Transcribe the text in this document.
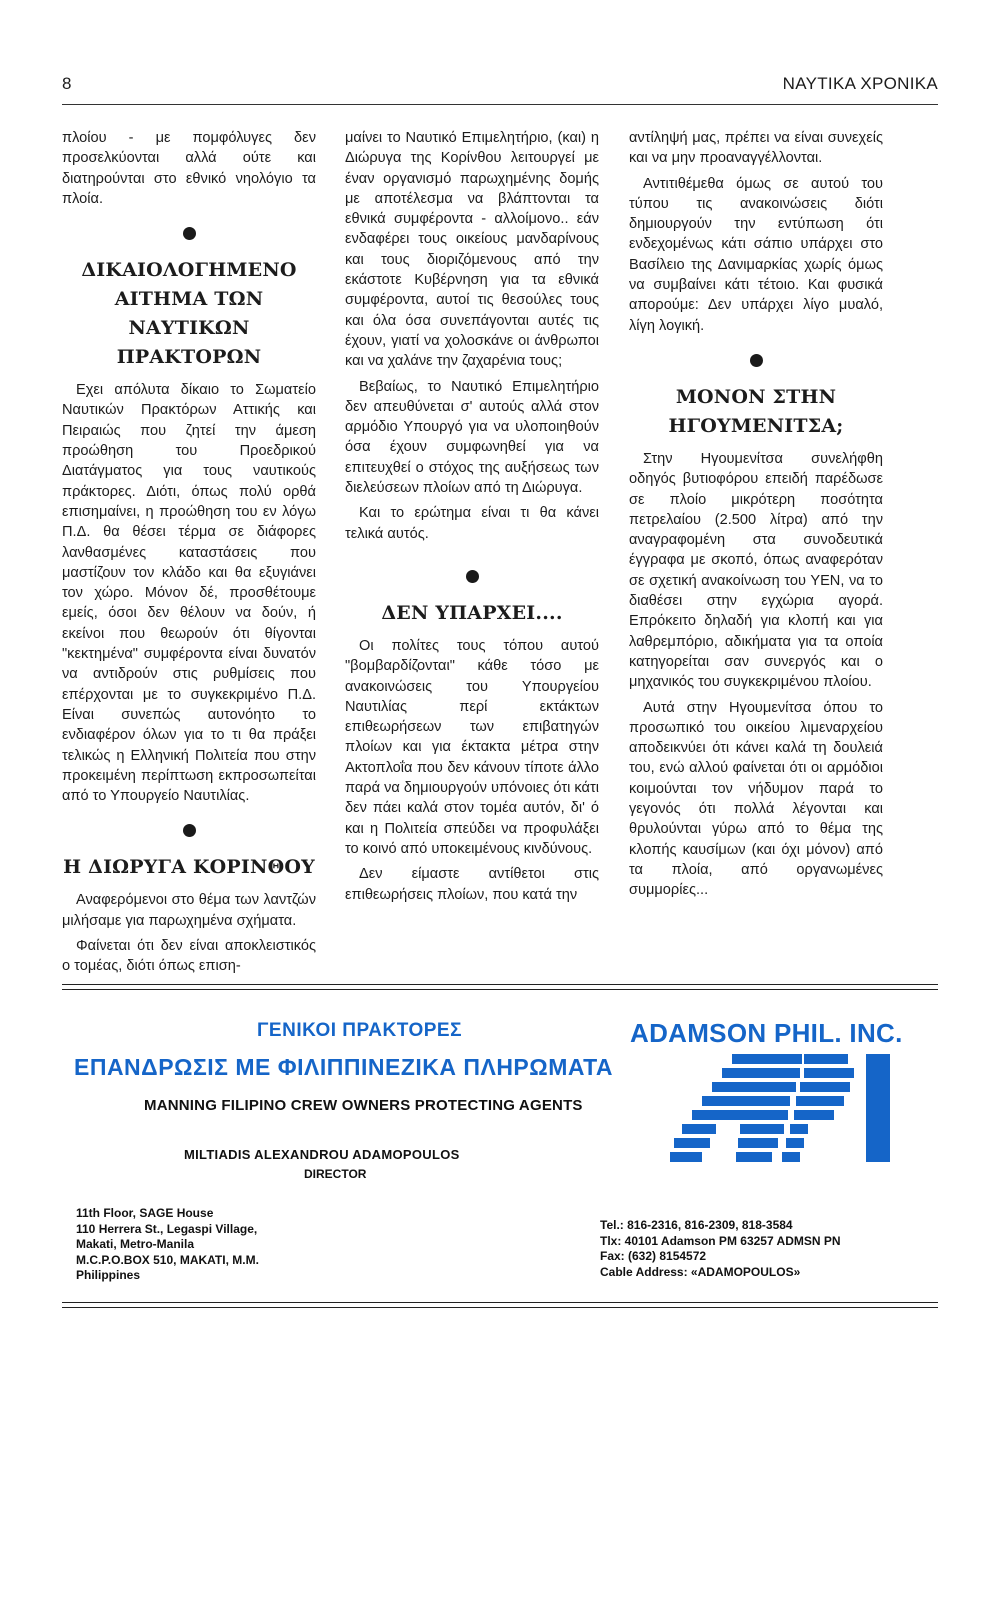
8	ΝΑΥΤΙΚΑ ΧΡΟΝΙΚΑ

πλοίου - με πομφόλυγες δεν προσελκύονται αλλά ούτε και διατηρούνται στο εθνικό νηολόγιο τα πλοία.

ΔΙΚΑΙΟΛΟΓΗΜΕΝΟ ΑΙΤΗΜΑ ΤΩΝ ΝΑΥΤΙΚΩΝ ΠΡΑΚΤΟΡΩΝ

Εχει απόλυτα δίκαιο το Σωματείο Ναυτικών Πρακτόρων Αττικής και Πειραιώς που ζητεί την άμεση προώθηση του Προεδρικού Διατάγματος για τους ναυτικούς πράκτορες. Διότι, όπως πολύ ορθά επισημαίνει, η προώθηση του εν λόγω Π.Δ. θα θέσει τέρμα σε διάφορες λανθασμένες καταστάσεις που μαστίζουν τον κλάδο και θα εξυγιάνει τον χώρο. Μόνον δέ, προσθέτουμε εμείς, όσοι δεν θέλουν να δούν, ή εκείνοι που θεωρούν ότι θίγονται "κεκτημένα" συμφέροντα είναι δυνατόν να αντιδρούν στις ρυθμίσεις που επέρχονται με το συγκεκριμένο Π.Δ. Είναι συνεπώς αυτονόητο το ενδιαφέρον όλων για το τι θα πράξει τελικώς η Ελληνική Πολιτεία που στην προκειμένη περίπτωση εκπροσωπείται από το Υπουργείο Ναυτιλίας.

Η ΔΙΩΡΥΓΑ ΚΟΡΙΝΘΟΥ

Αναφερόμενοι στο θέμα των λαντζών μιλήσαμε για παρωχημένα σχήματα.

Φαίνεται ότι δεν είναι αποκλειστικός ο τομέας, διότι όπως επιση-

μαίνει το Ναυτικό Επιμελητήριο, (και) η Διώρυγα της Κορίνθου λειτουργεί με έναν οργανισμό παρωχημένης δομής με αποτέλεσμα να βλάπτονται τα εθνικά συμφέροντα - αλλοίμονο.. εάν ενδαφέρει τους οικείους μανδαρίνους και τους διοριζόμενους από την εκάστοτε Κυβέρνηση για τα εθνικά συμφέροντα, αυτοί τις θεσούλες τους και όλα όσα συνεπάγονται αυτές τις έχουν, γιατί να χολοσκάνε οι άνθρωποι και να χαλάνε την ζαχαρένια τους;

Βεβαίως, το Ναυτικό Επιμελητήριο δεν απευθύνεται σ' αυτούς αλλά στον αρμόδιο Υπουργό για να υλοποιηθούν όσα έχουν συμφωνηθεί για να επιτευχθεί ο στόχος της αυξήσεως των διελεύσεων πλοίων από τη Διώρυγα.

Και το ερώτημα είναι τι θα κάνει τελικά αυτός.

ΔΕΝ ΥΠΑΡΧΕΙ....

Οι πολίτες τους τόπου αυτού "βομβαρδίζονται" κάθε τόσο με ανακοινώσεις του Υπουργείου Ναυτιλίας περί εκτάκτων επιθεωρήσεων των επιβατηγών πλοίων και για έκτακτα μέτρα στην Ακτοπλοΐα που δεν κάνουν τίποτε άλλο παρά να δημιουργούν υπόνοιες ότι κάτι δεν πάει καλά στον τομέα αυτόν, δι' ό και η Πολιτεία σπεύδει να προφυλάξει το κοινό από υποκειμένους κινδύνους.

Δεν είμαστε αντίθετοι στις επιθεωρήσεις πλοίων, που κατά την

αντίληψή μας, πρέπει να είναι συνεχείς και να μην προαναγγέλλονται.

Αντιτιθέμεθα όμως σε αυτού του τύπου τις ανακοινώσεις διότι δημιουργούν την εντύπωση ότι ενδεχομένως κάτι σάπιο υπάρχει στο Βασίλειο της Δανιμαρκίας χωρίς όμως να συμβαίνει κάτι τέτοιο. Και φυσικά απορούμε: Δεν υπάρχει λίγο μυαλό, λίγη λογική.

ΜΟΝΟΝ ΣΤΗΝ ΗΓΟΥΜΕΝΙΤΣΑ;

Στην Ηγουμενίτσα συνελήφθη οδηγός βυτιοφόρου επειδή παρέδωσε σε πλοίο μικρότερη ποσότητα πετρελαίου (2.500 λίτρα) από την αναγραφομένη στα συνοδευτικά έγγραφα με σκοπό, όπως αναφερόταν σε σχετική ανακοίνωση του ΥΕΝ, να το διαθέσει στην εγχώρια αγορά. Επρόκειτο δηλαδή για κλοπή και για λαθρεμπόριο, αδικήματα για τα οποία κατηγορείται σαν συνεργός και ο μηχανικός του συγκεκριμένου πλοίου.

Αυτά στην Ηγουμενίτσα όπου το προσωπικό του οικείου λιμεναρχείου αποδεικνύει ότι κάνει καλά τη δουλειά του, ενώ αλλού φαίνεται ότι οι αρμόδιοι κοιμούνται τον νήδυμον παρά το γεγονός ότι πολλά λέγονται και θρυλούνται γύρω από το θέμα της κλοπής καυσίμων (και όχι μόνον) από τα πλοία, από οργανωμένες συμμορίες...

ΓΕΝΙΚΟΙ ΠΡΑΚΤΟΡΕΣ
ΕΠΑΝΔΡΩΣΙΣ ΜΕ ΦΙΛΙΠΠΙΝΕΖΙΚΑ ΠΛΗΡΩΜΑΤΑ
MANNING FILIPINO CREW OWNERS PROTECTING AGENTS
MILTIADIS ALEXANDROU ADAMOPOULOS
DIRECTOR
ADAMSON PHIL. INC.
11th Floor, SAGE House
110 Herrera St., Legaspi Village,
Makati, Metro-Manila
M.C.P.O.BOX 510, MAKATI, M.M.
Philippines
Tel.: 816-2316, 816-2309, 818-3584
Tlx: 40101 Adamson PM 63257 ADMSN PN
Fax: (632) 8154572
Cable Address: «ADAMOPOULOS»
